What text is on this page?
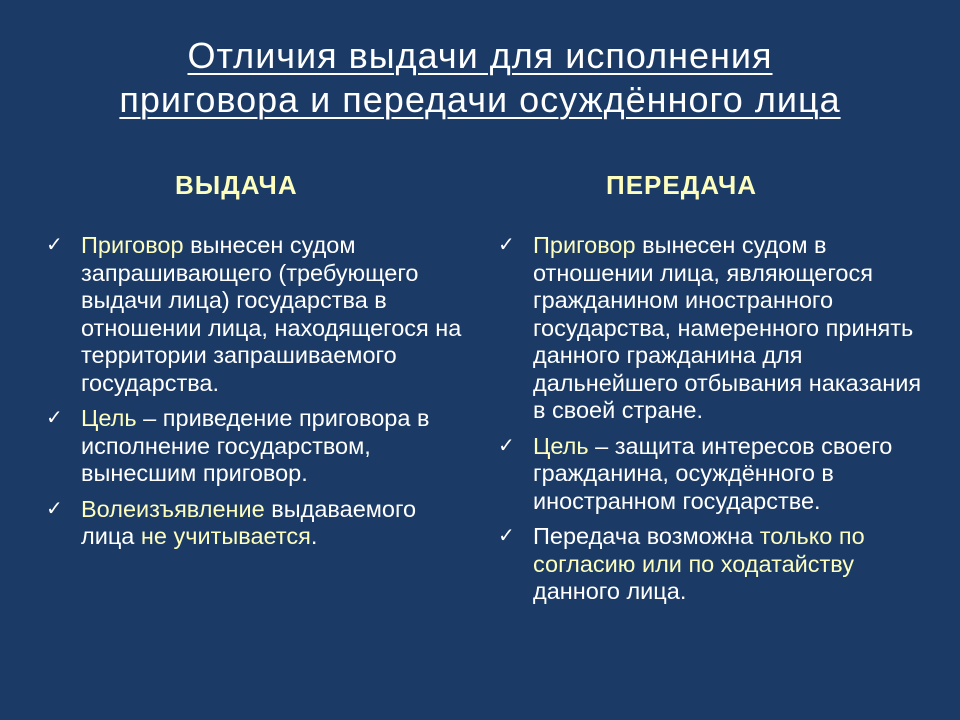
Отличия выдачи для исполнения
приговора и передачи осуждённого лица
ВЫДАЧА	ПЕРЕДАЧА
✓ Приговор вынесен судом запрашивающего (требующего выдачи лица) государства в отношении лица, находящегося на территории запрашиваемого государства.
✓ Цель – приведение приговора в исполнение государством, вынесшим приговор.
✓ Волеизъявление выдаваемого лица не учитывается.
✓ Приговор вынесен судом в отношении лица, являющегося гражданином иностранного государства, намеренного принять данного гражданина для дальнейшего отбывания наказания в своей стране.
✓ Цель – защита интересов своего гражданина, осуждённого в иностранном государстве.
✓ Передача возможна только по согласию или по ходатайству данного лица.
